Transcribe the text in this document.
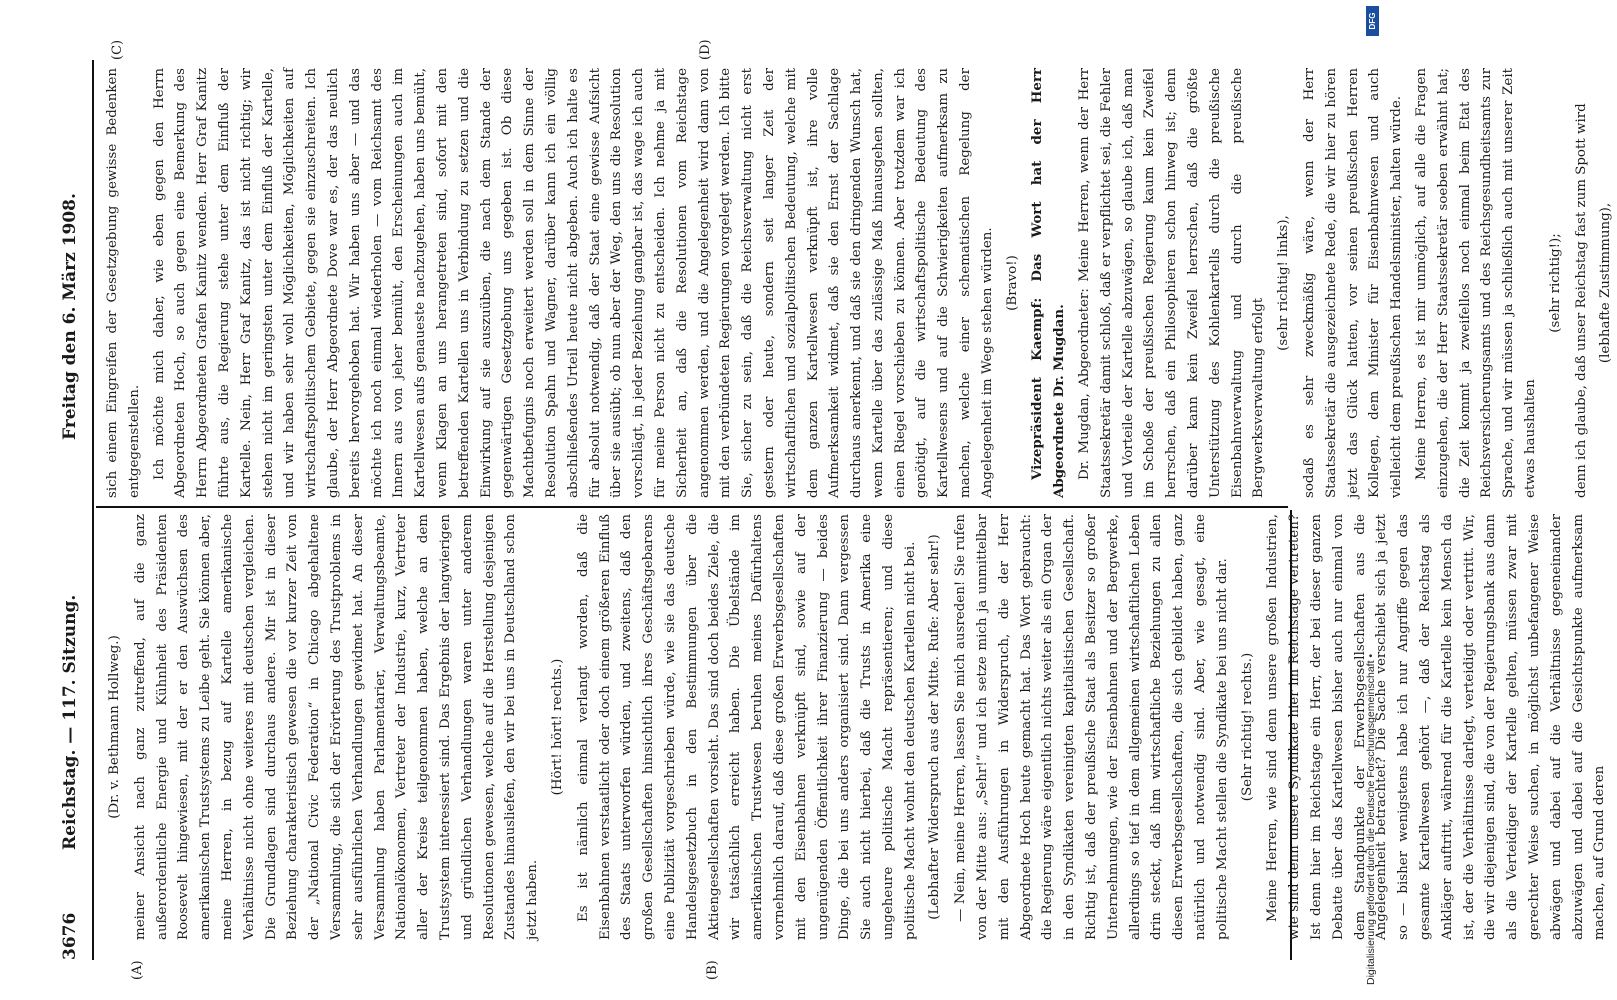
3676
Reichstag. — 117. Sitzung.
Freitag den 6. März 1908.
(A)	(B)
(C)	(D)

(Dr. v. Bethmann Hollweg.) meiner Ansicht nach ganz zutreffend, auf die ganz außerordentliche Energie und Kühnheit des Präsidenten Roosevelt hingewiesen, mit der er den Auswüchsen des amerikanischen Trustsystems zu Leibe geht. Sie können aber, meine Herren, in bezug auf Kartelle amerikanische Verhältnisse nicht ohne weiteres mit deutschen vergleichen. Die Grundlagen sind durchaus andere. Mir ist in dieser Beziehung charakteristisch gewesen die vor kurzer Zeit von der „National Civic Federation“ in Chicago abgehaltene Versammlung, die sich der Erörterung des Trustproblems in sehr ausführlichen Verhandlungen gewidmet hat. An dieser Versammlung haben Parlamentarier, Verwaltungsbeamte, Nationalökonomen, Vertreter der Industrie, kurz, Vertreter aller der Kreise teilgenommen haben, welche an dem Trustsystem interessiert sind. Das Ergebnis der langwierigen und gründlichen Verhandlungen waren unter anderem Resolutionen gewesen, welche auf die Herstellung desjenigen Zustandes hinausliefen, den wir bei uns in Deutschland schon jetzt haben.

(Hört! hört! rechts.) Es ist nämlich einmal verlangt worden, daß die Eisenbahnen verstaatlicht oder doch einem größeren Einfluß des Staats unterworfen würden, und zweitens, daß den großen Gesellschaften hinsichtlich ihres Geschäftsgebarens eine Publizität vorgeschrieben würde, wie sie das deutsche Handelsgesetzbuch in den Bestimmungen über die Aktiengesellschaften vorsieht. Das sind doch beides Ziele, die wir tatsächlich erreicht haben. Die Übelstände im amerikanischen Trustwesen beruhen meines Dafürhaltens vornehmlich darauf, daß diese großen Erwerbsgesellschaften mit den Eisenbahnen verknüpft sind, sowie auf der ungenügenden Öffentlichkeit ihrer Finanzierung — beides Dinge, die bei uns anders organisiert sind. Dann vergessen Sie auch nicht hierbei, daß die Trusts in Amerika eine ungeheure politische Macht repräsentieren; und diese politische Macht wohnt den deutschen Kartellen nicht bei. (Lebhafter Widerspruch aus der Mitte. Rufe: Aber sehr!) — Nein, meine Herren, lassen Sie mich ausreden! Sie rufen von der Mitte aus: „Sehr!“ und ich setze mich ja unmittelbar mit den Ausführungen in Widerspruch, die der Herr Abgeordnete Hoch heute gemacht hat. Das Wort gebraucht: die Regierung wäre eigentlich nichts weiter als ein Organ der in den Syndikaten vereinigten kapitalistischen Gesellschaft. Richtig ist, daß der preußische Staat als Besitzer so großer Unternehmungen, wie der Eisenbahnen und der Bergwerke, allerdings so tief in dem allgemeinen wirtschaftlichen Leben drin steckt, daß ihm wirtschaftliche Beziehungen zu allen diesen Erwerbsgesellschaften, die sich gebildet haben, ganz natürlich und notwendig sind. Aber, wie gesagt, eine politische Macht stellen die Syndikate bei uns nicht dar. (Sehr richtig! rechts.) Meine Herren, wie sind denn unsere großen Industrien, wie sind denn unsere Syndikate hier im Reichstage vertreten? Ist denn hier im Reichstage ein Herr, der bei dieser ganzen Debatte über das Kartellwesen bisher auch nur einmal von dem Standpunkte der Erwerbsgesellschaften aus die Angelegenheit betrachtet? Die Sache verschiebt sich ja jetzt so — bisher wenigstens habe ich nur Angriffe gegen das gesamte Kartellwesen gehört —, daß der Reichstag als Ankläger auftritt, während für die Kartelle kein Mensch da ist, der die Verhältnisse darlegt, verteidigt oder vertritt. Wir, die wir diejenigen sind, die von der Regierungsbank aus dann als die Verteidiger der Kartelle gelten, müssen zwar mit gerechter Weise suchen, in möglichst unbefangener Weise abwägen und dabei auf die Verhältnisse gegeneinander abzuwägen und dabei auf die Gesichtspunkte aufmerksam machen, auf Grund deren

sich einem Eingreifen der Gesetzgebung gewisse Bedenken entgegenstellen. Ich möchte mich daher, wie eben gegen den Herrn Abgeordneten Hoch, so auch gegen eine Bemerkung des Herrn Abgeordneten Grafen Kanitz wenden. Herr Graf Kanitz führte aus, die Regierung stehe unter dem Einfluß der Kartelle. Nein, Herr Graf Kanitz, das ist nicht richtig; wir stehen nicht im geringsten unter dem Einfluß der Kartelle, und wir haben sehr wohl Möglichkeiten, Möglichkeiten auf wirtschaftspolitischem Gebiete, gegen sie einzuschreiten. Ich glaube, der Herr Abgeordnete Dove war es, der das neulich bereits hervorgehoben hat. Wir haben uns aber — und das möchte ich noch einmal wiederholen — vom Reichsamt des Innern aus von jeher bemüht, den Erscheinungen auch im Kartellwesen aufs genaueste nachzugehen, haben uns bemüht, wenn Klagen an uns herangetreten sind, sofort mit den betreffenden Kartellen uns in Verbindung zu setzen und die Einwirkung auf sie auszuüben, die nach dem Stande der gegenwärtigen Gesetzgebung uns gegeben ist. Ob diese Machtbefugnis noch erweitert werden soll in dem Sinne der Resolution Spahn und Wagner, darüber kann ich ein völlig abschließendes Urteil heute nicht abgeben. Auch ich halte es für absolut notwendig, daß der Staat eine gewisse Aufsicht über sie ausübt; ob nun aber der Weg, den uns die Resolution vorschlägt, in jeder Beziehung gangbar ist, das wage ich auch für meine Person nicht zu entscheiden. Ich nehme ja mit Sicherheit an, daß die Resolutionen vom Reichstage angenommen werden, und die Angelegenheit wird dann von mit den verbündeten Regierungen vorgelegt werden. Ich bitte Sie, sicher zu sein, daß die Reichsverwaltung nicht erst gestern oder heute, sondern seit langer Zeit der wirtschaftlichen und sozialpolitischen Bedeutung, welche mit dem ganzen Kartellwesen verknüpft ist, ihre volle Aufmerksamkeit widmet, daß sie den Ernst der Sachlage durchaus anerkennt, und daß sie den dringenden Wunsch hat, wenn Kartelle über das zulässige Maß hinausgehen sollten, einen Riegel vorschieben zu können. Aber trotzdem war ich genötigt, auf die wirtschaftspolitische Bedeutung des Kartellwesens und auf die Schwierigkeiten aufmerksam zu machen, welche einer schematischen Regelung der Angelegenheit im Wege stehen würden. (Bravo!) Vizepräsident Kaempf: Das Wort hat der Herr Abgeordnete Dr. Mugdan. Dr. Mugdan, Abgeordneter: Meine Herren, wenn der Herr Staatssekretär damit schloß, daß er verpflichtet sei, die Fehler und Vorteile der Kartelle abzuwägen, so glaube ich, daß man im Schoße der preußischen Regierung kaum kein Zweifel herrschen, daß ein Philosophieren schon hinweg ist; denn darüber kann kein Zweifel herrschen, daß die größte Unterstützung des Kohlenkartells durch die preußische Eisenbahnverwaltung und durch die preußische Bergwerksverwaltung erfolgt

(sehr richtig! links), sodaß es sehr zweckmäßig wäre, wenn der Herr Staatssekretär die ausgezeichnete Rede, die wir hier zu hören jetzt das Glück hatten, vor seinen preußischen Herren Kollegen, dem Minister für Eisenbahnwesen und auch vielleicht dem preußischen Handelsminister, halten würde. Meine Herren, es ist mir unmöglich, auf alle die Fragen einzugehen, die der Herr Staatssekretär soeben erwähnt hat; die Zeit kommt ja zweifellos noch einmal beim Etat des Reichsversicherungsamts und des Reichsgesundheitsamts zur Sprache, und wir müssen ja schließlich auch mit unserer Zeit etwas haushalten

(sehr richtig!); denn ich glaube, daß unser Reichstag fast zum Spott wird (lebhafte Zustimmung),

DFG
Digitalisierung gefördert durch die Deutsche Forschungsgemeinschaft •
